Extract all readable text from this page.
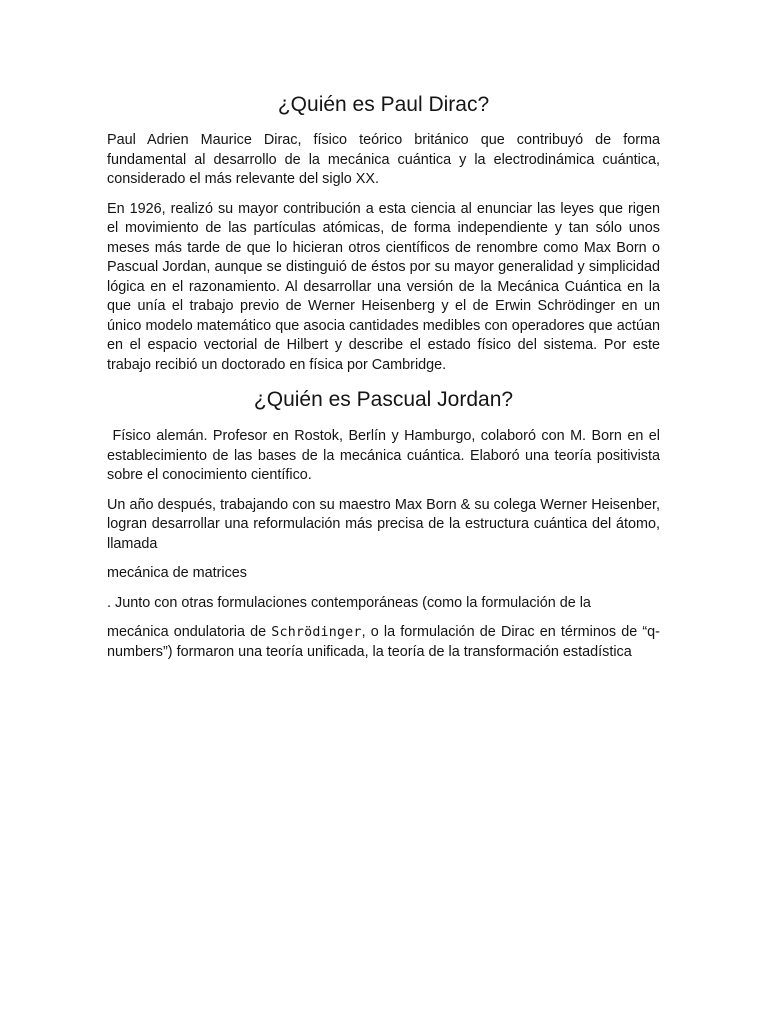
¿Quién es Paul Dirac?

Paul Adrien Maurice Dirac, físico teórico británico que contribuyó de forma fundamental al desarrollo de la mecánica cuántica y la electrodinámica cuántica, considerado el más relevante del siglo XX.

En 1926, realizó su mayor contribución a esta ciencia al enunciar las leyes que rigen el movimiento de las partículas atómicas, de forma independiente y tan sólo unos meses más tarde de que lo hicieran otros científicos de renombre como Max Born o Pascual Jordan, aunque se distinguió de éstos por su mayor generalidad y simplicidad lógica en el razonamiento. Al desarrollar una versión de la Mecánica Cuántica en la que unía el trabajo previo de Werner Heisenberg y el de Erwin Schrödinger en un único modelo matemático que asocia cantidades medibles con operadores que actúan en el espacio vectorial de Hilbert y describe el estado físico del sistema. Por este trabajo recibió un doctorado en física por Cambridge.

¿Quién es Pascual Jordan?

Físico alemán. Profesor en Rostok, Berlín y Hamburgo, colaboró con M. Born en el establecimiento de las bases de la mecánica cuántica. Elaboró una teoría positivista sobre el conocimiento científico.

Un año después, trabajando con su maestro Max Born & su colega Werner Heisenber, logran desarrollar una reformulación más precisa de la estructura cuántica del átomo, llamada

mecánica de matrices

. Junto con otras formulaciones contemporáneas (como la formulación de la

mecánica ondulatoria de Schrödinger, o la formulación de Dirac en términos de “q-numbers”) formaron una teoría unificada, la teoría de la transformación estadística
